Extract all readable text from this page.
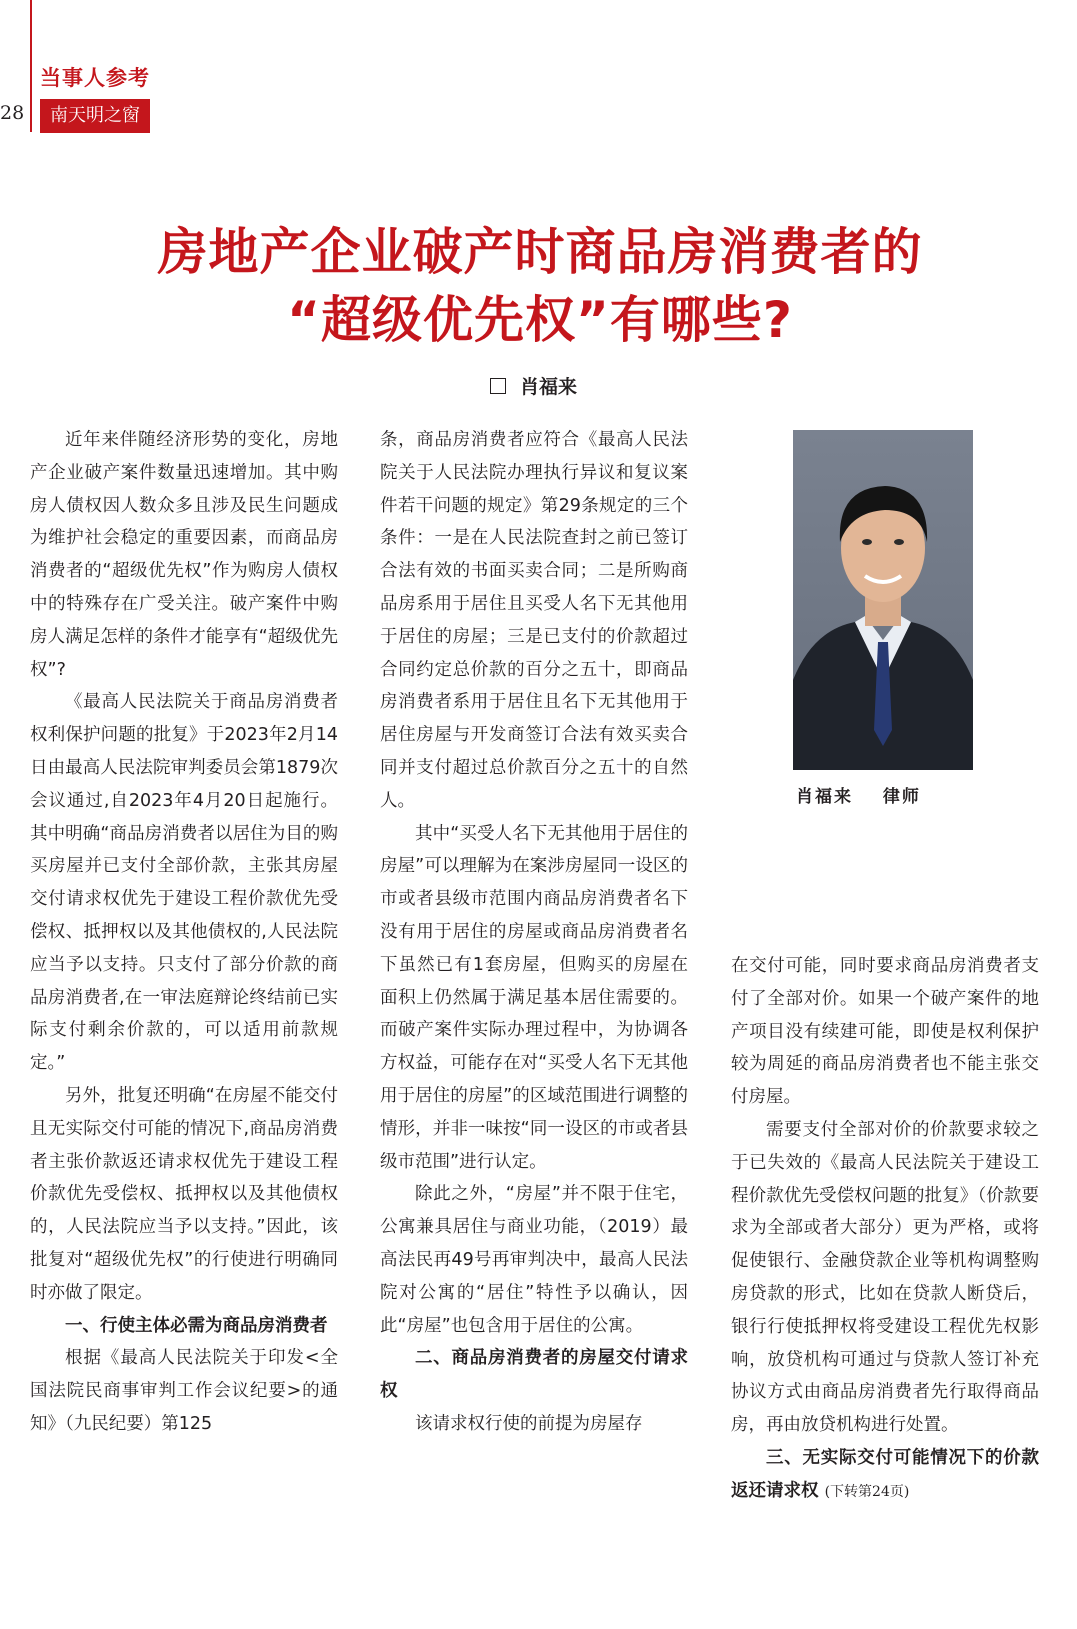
当事人参考
28	南天明之窗
房地产企业破产时商品房消费者的
“超级优先权”有哪些?
肖福来

近年来伴随经济形势的变化，房地产企业破产案件数量迅速增加。其中购房人债权因人数众多且涉及民生问题成为维护社会稳定的重要因素，而商品房消费者的“超级优先权”作为购房人债权中的特殊存在广受关注。破产案件中购房人满足怎样的条件才能享有“超级优先权”?

《最高人民法院关于商品房消费者权利保护问题的批复》于2023年2月14日由最高人民法院审判委员会第1879次会议通过,自2023年4月20日起施行。其中明确“商品房消费者以居住为目的购买房屋并已支付全部价款，主张其房屋交付请求权优先于建设工程价款优先受偿权、抵押权以及其他债权的,人民法院应当予以支持。只支付了部分价款的商品房消费者,在一审法庭辩论终结前已实际支付剩余价款的，可以适用前款规定。”

另外，批复还明确“在房屋不能交付且无实际交付可能的情况下,商品房消费者主张价款返还请求权优先于建设工程价款优先受偿权、抵押权以及其他债权的，人民法院应当予以支持。”因此，该批复对“超级优先权”的行使进行明确同时亦做了限定。

一、行使主体必需为商品房消费者

根据《最高人民法院关于印发<全国法院民商事审判工作会议纪要>的通知》（九民纪要）第125

条，商品房消费者应符合《最高人民法院关于人民法院办理执行异议和复议案件若干问题的规定》第29条规定的三个条件：一是在人民法院查封之前已签订合法有效的书面买卖合同；二是所购商品房系用于居住且买受人名下无其他用于居住的房屋；三是已支付的价款超过合同约定总价款的百分之五十，即商品房消费者系用于居住且名下无其他用于居住房屋与开发商签订合法有效买卖合同并支付超过总价款百分之五十的自然人。

其中“买受人名下无其他用于居住的房屋”可以理解为在案涉房屋同一设区的市或者县级市范围内商品房消费者名下没有用于居住的房屋或商品房消费者名下虽然已有1套房屋，但购买的房屋在面积上仍然属于满足基本居住需要的。而破产案件实际办理过程中，为协调各方权益，可能存在对“买受人名下无其他用于居住的房屋”的区域范围进行调整的情形，并非一味按“同一设区的市或者县级市范围”进行认定。

除此之外，“房屋”并不限于住宅，公寓兼具居住与商业功能，（2019）最高法民再49号再审判决中，最高人民法院对公寓的“居住”特性予以确认，因此“房屋”也包含用于居住的公寓。

二、商品房消费者的房屋交付请求权

该请求权行使的前提为房屋存

肖福来 律师

在交付可能，同时要求商品房消费者支付了全部对价。如果一个破产案件的地产项目没有续建可能，即使是权利保护较为周延的商品房消费者也不能主张交付房屋。

需要支付全部对价的价款要求较之于已失效的《最高人民法院关于建设工程价款优先受偿权问题的批复》（价款要求为全部或者大部分）更为严格，或将促使银行、金融贷款企业等机构调整购房贷款的形式，比如在贷款人断贷后，银行行使抵押权将受建设工程优先权影响，放贷机构可通过与贷款人签订补充协议方式由商品房消费者先行取得商品房，再由放贷机构进行处置。

三、无实际交付可能情况下的价款返还请求权 (下转第24页)
